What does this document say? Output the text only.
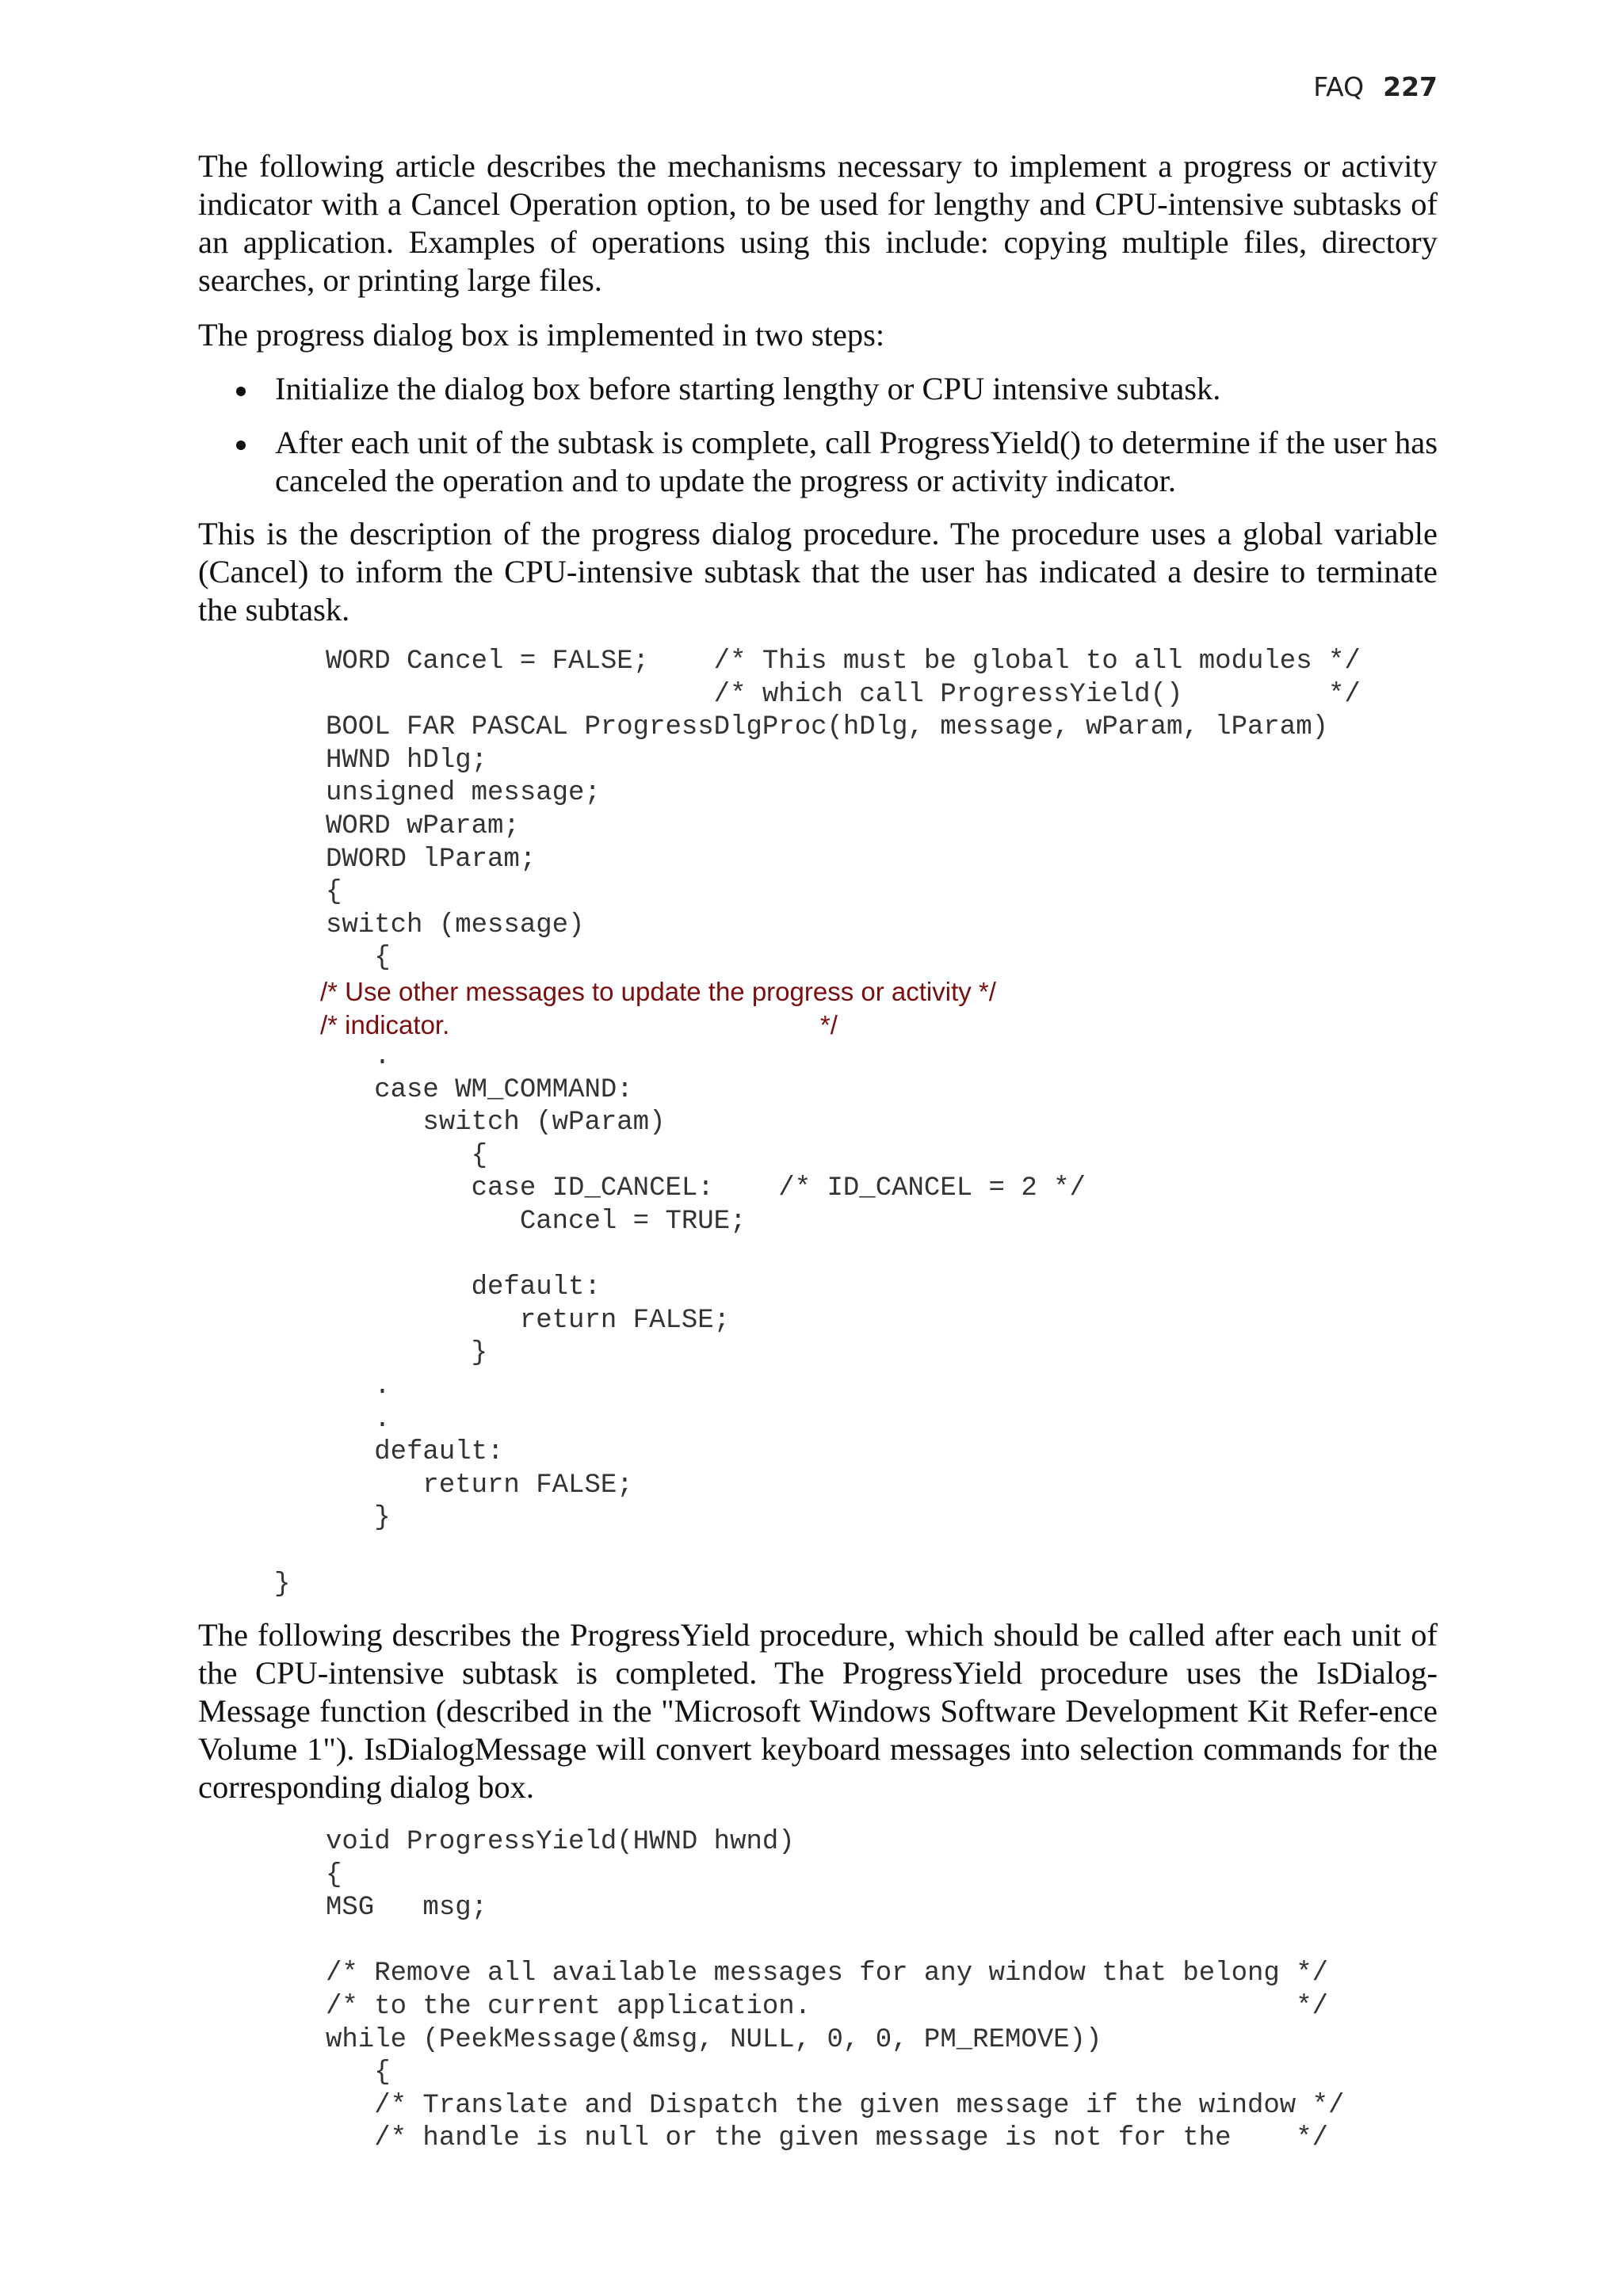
FAQ 227

The following article describes the mechanisms necessary to implement a progress or activity indicator with a Cancel Operation option, to be used for lengthy and CPU-intensive subtasks of an application. Examples of operations using this include: copying multiple files, directory searches, or printing large files.

The progress dialog box is implemented in two steps:

Initialize the dialog box before starting lengthy or CPU intensive subtask.

After each unit of the subtask is complete, call ProgressYield() to determine if the user has canceled the operation and to update the progress or activity indicator.

This is the description of the progress dialog procedure. The procedure uses a global variable (Cancel) to inform the CPU-intensive subtask that the user has indicated a desire to terminate the subtask.

WORD Cancel = FALSE;    /* This must be global to all modules */
/* which call ProgressYield()         */
BOOL FAR PASCAL ProgressDlgProc(hDlg, message, wParam, lParam)
HWND hDlg;
unsigned message;
WORD wParam;
DWORD lParam;
{
switch (message)
{
/* Use other messages to update the progress or activity */
/* indicator.                                                   */
.
case WM_COMMAND:
switch (wParam)
{
case ID_CANCEL:    /* ID_CANCEL = 2 */
Cancel = TRUE;

default:
return FALSE;
}
.
.
default:
return FALSE;
}
}

The following describes the ProgressYield procedure, which should be called after each unit of the CPU-intensive subtask is completed. The ProgressYield procedure uses the IsDialog-Message function (described in the "Microsoft Windows Software Development Kit Refer-ence Volume 1"). IsDialogMessage will convert keyboard messages into selection commands for the corresponding dialog box.

void ProgressYield(HWND hwnd)
{
MSG   msg;

/* Remove all available messages for any window that belong */
/* to the current application.                              */
while (PeekMessage(&msg, NULL, 0, 0, PM_REMOVE))
{
/* Translate and Dispatch the given message if the window */
/* handle is null or the given message is not for the    */
